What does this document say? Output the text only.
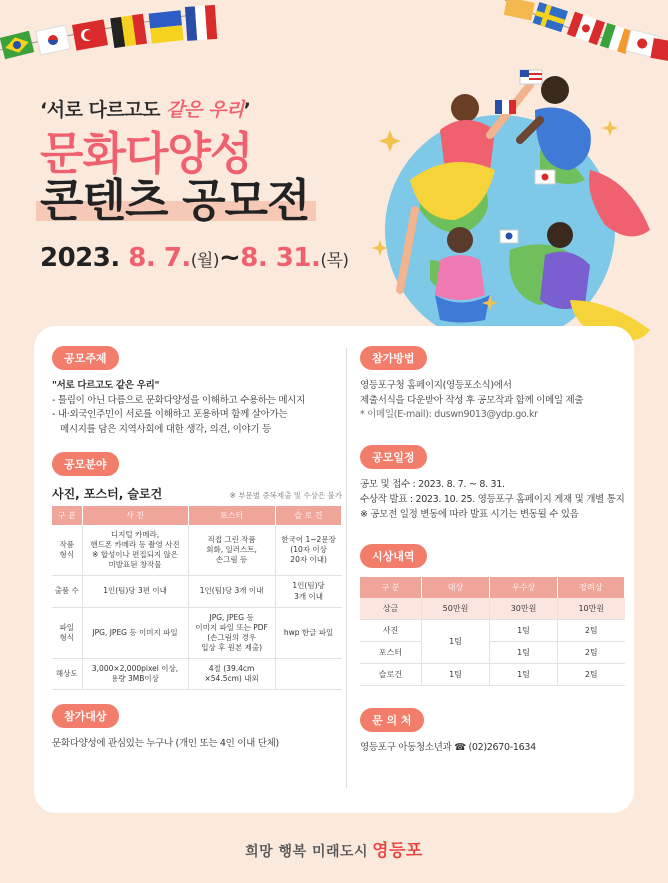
‘서로 다르고도 같은 우리’
문화다양성
콘텐츠 공모전
2023. 8. 7.(월)~8. 31.(목)
공모주제
"서로 다르고도 같은 우리"
- 틀림이 아닌 다름으로 문화다양성을 이해하고 수용하는 메시지
- 내·외국인주민이 서로를 이해하고 포용하며 함께 살아가는
메시지를 담은 지역사회에 대한 생각, 의견, 이야기 등
공모분야
사진, 포스터, 슬로건	※ 부문별 중복제출 및 수상은 불가
구 분	사 진	포스터	슬 로 건
작품
형식	디지털 카메라,
핸드폰 카메라 등 촬영 사진
※ 합성이나 편집되지 않은
미발표된 창작물	직접 그린 작품
회화, 일러스트,
손그림 등	한국어 1~2문장
(10자 이상
20자 이내)
출품 수	1인(팀)당 3편 이내	1인(팀)당 3개 이내	1인(팀)당
3개 이내
파일
형식	JPG, JPEG 등 이미지 파일	JPG, JPEG 등
이미지 파일 또는 PDF
(손그림의 경우
입상 후 원본 제출)	hwp 한글 파일
해상도	3,000×2,000pixel 이상,
용량 3MB이상	4절 (39.4cm
×54.5cm) 내외	
참가대상
문화다양성에 관심있는 누구나 (개인 또는 4인 이내 단체)
참가방법
영등포구청 홈페이지(영등포소식)에서
제출서식을 다운받아 작성 후 공모작과 함께 이메일 제출
* 이메일(E-mail): duswn9013@ydp.go.kr
공모일정
공모 및 접수 : 2023. 8. 7. ~ 8. 31.
수상작 발표 : 2023. 10. 25. 영등포구 홈페이지 게재 및 개별 통지
※ 공모전 일정 변동에 따라 발표 시기는 변동될 수 있음
시상내역
구 분	대상	우수상	장려상
상금	50만원	30만원	10만원
사진	1팀	1팀	2팀
포스터		1팀	2팀
슬로건	1팀	1팀	2팀
문 의 처
영등포구 아동청소년과 ☎ (02)2670-1634
희망 행복 미래도시 영등포
